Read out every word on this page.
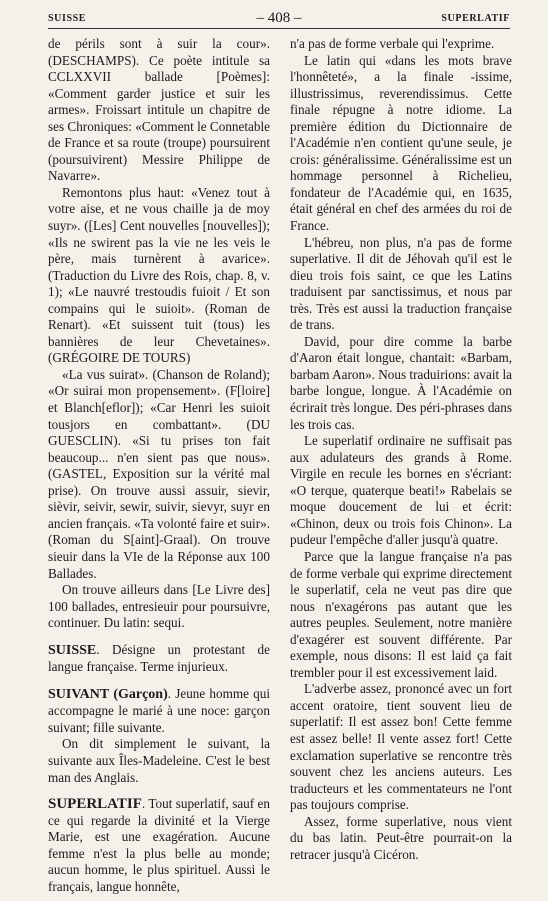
SUISSE	– 408 –	SUPERLATIF

de périls sont à suir la cour». (DESCHAMPS). Ce poète intitule sa CCLXXVII ballade [Poèmes]: «Comment garder justice et suir les armes». Froissart intitule un chapitre de ses Chroniques: «Comment le Connetable de France et sa route (troupe) poursuirent (poursuivirent) Messire Philippe de Navarre».

Remontons plus haut: «Venez tout à votre aise, et ne vous chaille ja de moy suyr». ([Les] Cent nouvelles [nouvelles]); «Ils ne swirent pas la vie ne les veis le père, mais turnèrent à avarice». (Traduction du Livre des Rois, chap. 8, v. 1); «Le nauvré trestoudis fuioit / Et son compains qui le suioit». (Roman de Renart). «Et suissent tuit (tous) les bannières de leur Chevetaines». (GRÉGOIRE DE TOURS)

«La vus suirat». (Chanson de Roland); «Or suirai mon propensement». (F[loire] et Blanch[eflor]); «Car Henri les suioit tousjors en combattant». (DU GUESCLIN). «Si tu prises ton fait beaucoup... n'en sient pas que nous». (GASTEL, Exposition sur la vérité mal prise). On trouve aussi assuir, sievir, sièvir, seivir, sewir, suivir, sievyr, suyr en ancien français. «Ta volonté faire et suir». (Roman du S[aint]-Graal). On trouve sieuir dans la VIe de la Réponse aux 100 Ballades.

On trouve ailleurs dans [Le Livre des] 100 ballades, entresieuir pour poursuivre, continuer. Du latin: sequi.

SUISSE. Désigne un protestant de langue française. Terme injurieux.

SUIVANT (Garçon). Jeune homme qui accompagne le marié à une noce: garçon suivant; fille suivante.

On dit simplement le suivant, la suivante aux Îles-Madeleine. C'est le best man des Anglais.

SUPERLATIF. Tout superlatif, sauf en ce qui regarde la divinité et la Vierge Marie, est une exagération. Aucune femme n'est la plus belle au monde; aucun homme, le plus spirituel. Aussi le français, langue honnête,

n'a pas de forme verbale qui l'exprime.

Le latin qui «dans les mots brave l'honnêteté», a la finale -issime, illustrissimus, reverendissimus. Cette finale répugne à notre idiome. La première édition du Dictionnaire de l'Académie n'en contient qu'une seule, je crois: généralissime. Généralissime est un hommage personnel à Richelieu, fondateur de l'Académie qui, en 1635, était général en chef des armées du roi de France.

L'hébreu, non plus, n'a pas de forme superlative. Il dit de Jéhovah qu'il est le dieu trois fois saint, ce que les Latins traduisent par sanctissimus, et nous par très. Très est aussi la traduction française de trans.

David, pour dire comme la barbe d'Aaron était longue, chantait: «Barbam, barbam Aaron». Nous traduirions: avait la barbe longue, longue. À l'Académie on écrirait très longue. Des péri-phrases dans les trois cas.

Le superlatif ordinaire ne suffisait pas aux adulateurs des grands à Rome. Virgile en recule les bornes en s'écriant: «O terque, quaterque beati!» Rabelais se moque doucement de lui et écrit: «Chinon, deux ou trois fois Chinon». La pudeur l'empêche d'aller jusqu'à quatre.

Parce que la langue française n'a pas de forme verbale qui exprime directement le superlatif, cela ne veut pas dire que nous n'exagérons pas autant que les autres peuples. Seulement, notre manière d'exagérer est souvent différente. Par exemple, nous disons: Il est laid ça fait trembler pour il est excessivement laid.

L'adverbe assez, prononcé avec un fort accent oratoire, tient souvent lieu de superlatif: Il est assez bon! Cette femme est assez belle! Il vente assez fort! Cette exclamation superlative se rencontre très souvent chez les anciens auteurs. Les traducteurs et les commentateurs ne l'ont pas toujours comprise.

Assez, forme superlative, nous vient du bas latin. Peut-être pourrait-on la retracer jusqu'à Cicéron.
